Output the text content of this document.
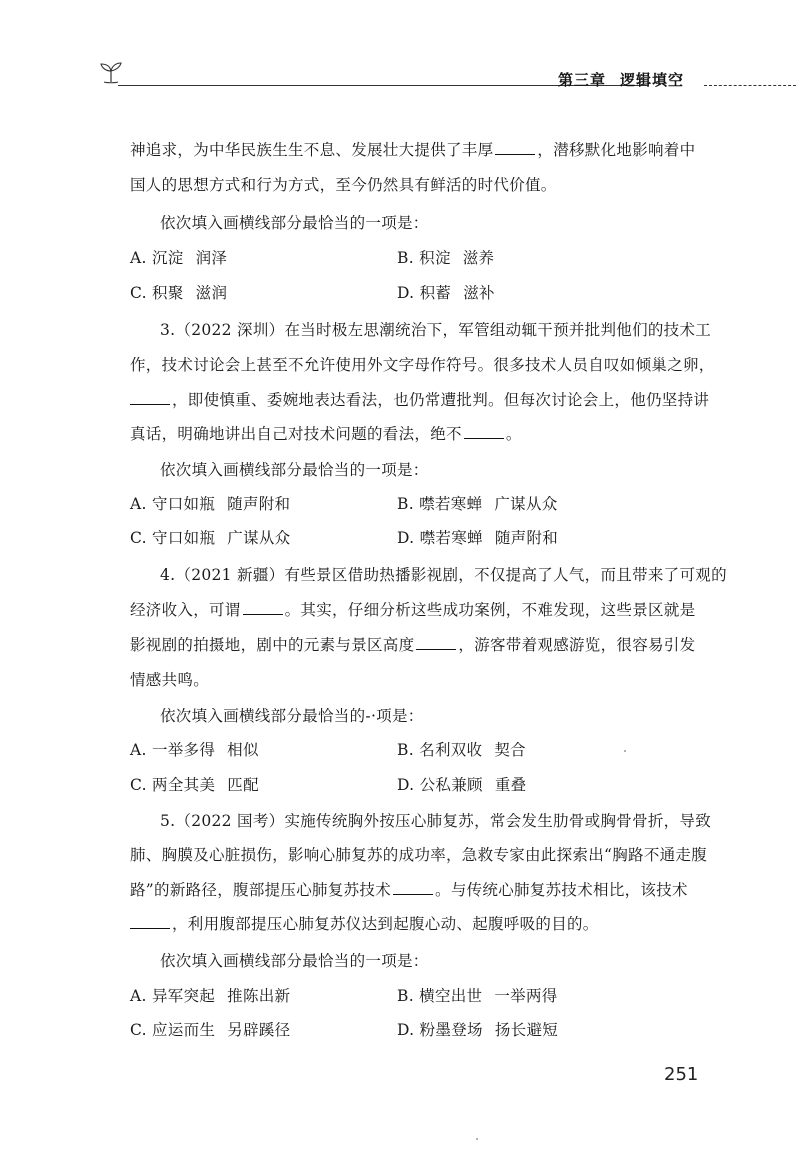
第三章 逻辑填空
神追求，为中华民族生生不息、发展壮大提供了丰厚	，潜移默化地影响着中
国人的思想方式和行为方式，至今仍然具有鲜活的时代价值。
依次填入画横线部分最恰当的一项是：
A. 沉淀 润泽	B. 积淀 滋养
C. 积聚 滋润	D. 积蓄 滋补
3.（2022 深圳）在当时极左思潮统治下，军管组动辄干预并批判他们的技术工
作，技术讨论会上甚至不允许使用外文字母作符号。很多技术人员自叹如倾巢之卵，
，即使慎重、委婉地表达看法，也仍常遭批判。但每次讨论会上，他仍坚持讲
真话，明确地讲出自己对技术问题的看法，绝不	。
依次填入画横线部分最恰当的一项是：
A. 守口如瓶 随声附和	B. 噤若寒蝉 广谋从众
C. 守口如瓶 广谋从众	D. 噤若寒蝉 随声附和
4.（2021 新疆）有些景区借助热播影视剧，不仅提高了人气，而且带来了可观的
经济收入，可谓	。其实，仔细分析这些成功案例，不难发现，这些景区就是
影视剧的拍摄地，剧中的元素与景区高度	，游客带着观感游览，很容易引发
情感共鸣。
依次填入画横线部分最恰当的-·项是：
A. 一举多得 相似	B. 名利双收 契合
C. 两全其美 匹配	D. 公私兼顾 重叠
5.（2022 国考）实施传统胸外按压心肺复苏，常会发生肋骨或胸骨骨折，导致
肺、胸膜及心脏损伤，影响心肺复苏的成功率，急救专家由此探索出“胸路不通走腹
路”的新路径，腹部提压心肺复苏技术	。与传统心肺复苏技术相比，该技术
，利用腹部提压心肺复苏仪达到起腹心动、起腹呼吸的目的。
依次填入画横线部分最恰当的一项是：
A. 异军突起 推陈出新	B. 横空出世 一举两得
C. 应运而生 另辟蹊径	D. 粉墨登场 扬长避短
251
